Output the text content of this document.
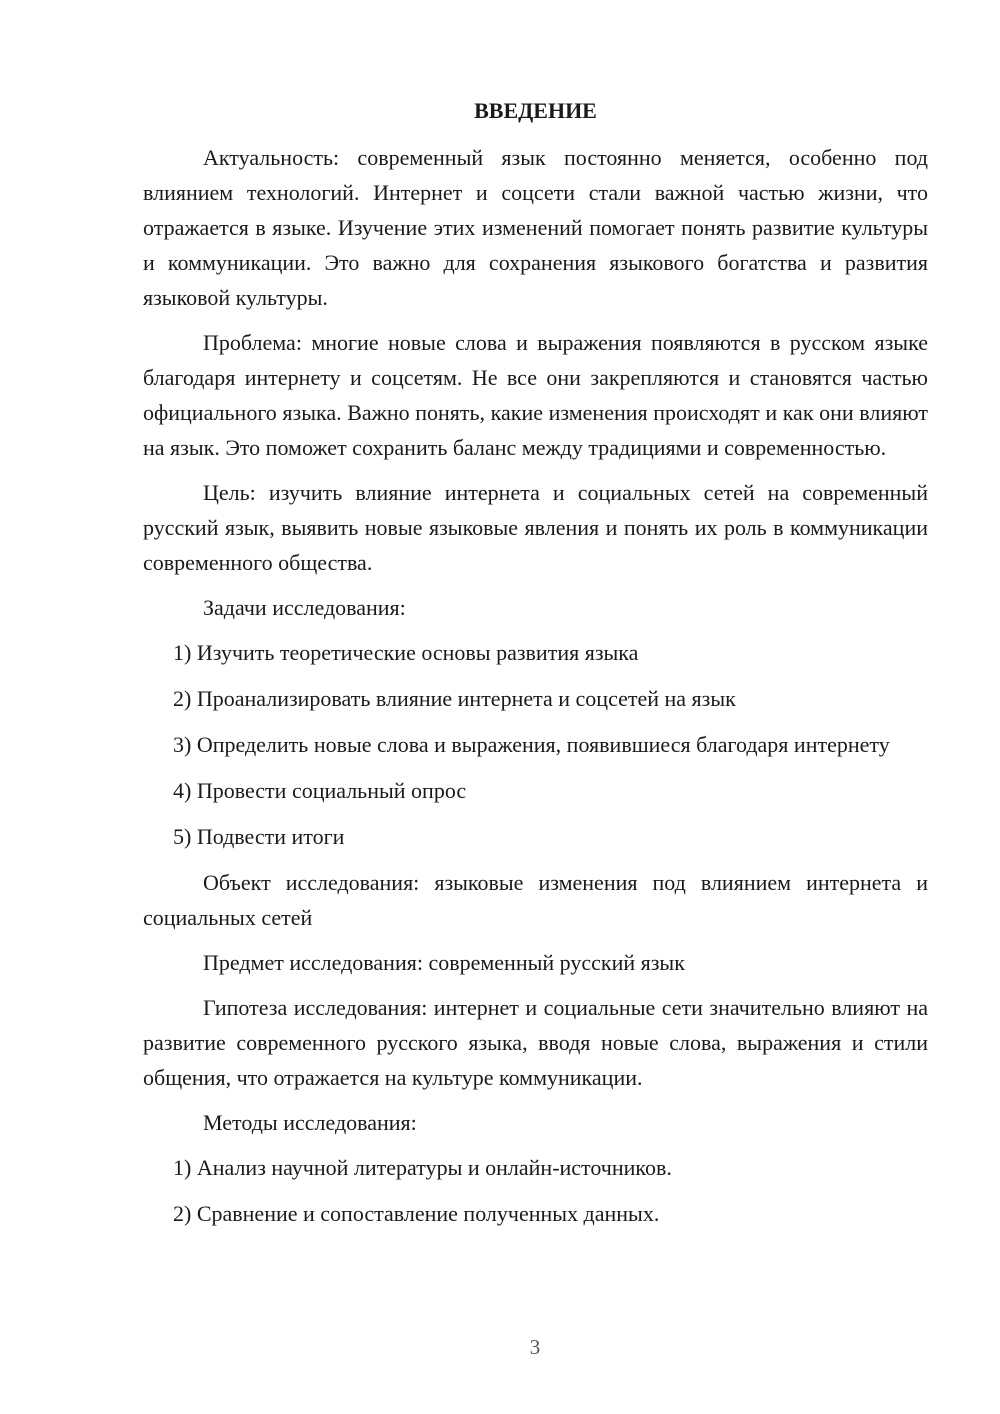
ВВЕДЕНИЕ

Актуальность: современный язык постоянно меняется, особенно под влиянием технологий. Интернет и соцсети стали важной частью жизни, что отражается в языке. Изучение этих изменений помогает понять развитие культуры и коммуникации. Это важно для сохранения языкового богатства и развития языковой культуры.

Проблема: многие новые слова и выражения появляются в русском языке благодаря интернету и соцсетям. Не все они закрепляются и становятся частью официального языка. Важно понять, какие изменения происходят и как они влияют на язык. Это поможет сохранить баланс между традициями и современностью.

Цель: изучить влияние интернета и социальных сетей на современный русский язык, выявить новые языковые явления и понять их роль в коммуникации современного общества.

Задачи исследования:

1) Изучить теоретические основы развития языка

2) Проанализировать влияние интернета и соцсетей на язык

3) Определить новые слова и выражения, появившиеся благодаря интернету

4) Провести социальный опрос

5) Подвести итоги

Объект исследования: языковые изменения под влиянием интернета и социальных сетей

Предмет исследования: современный русский язык

Гипотеза исследования: интернет и социальные сети значительно влияют на развитие современного русского языка, вводя новые слова, выражения и стили общения, что отражается на культуре коммуникации.

Методы исследования:

1) Анализ научной литературы и онлайн-источников.

2) Сравнение и сопоставление полученных данных.

3
